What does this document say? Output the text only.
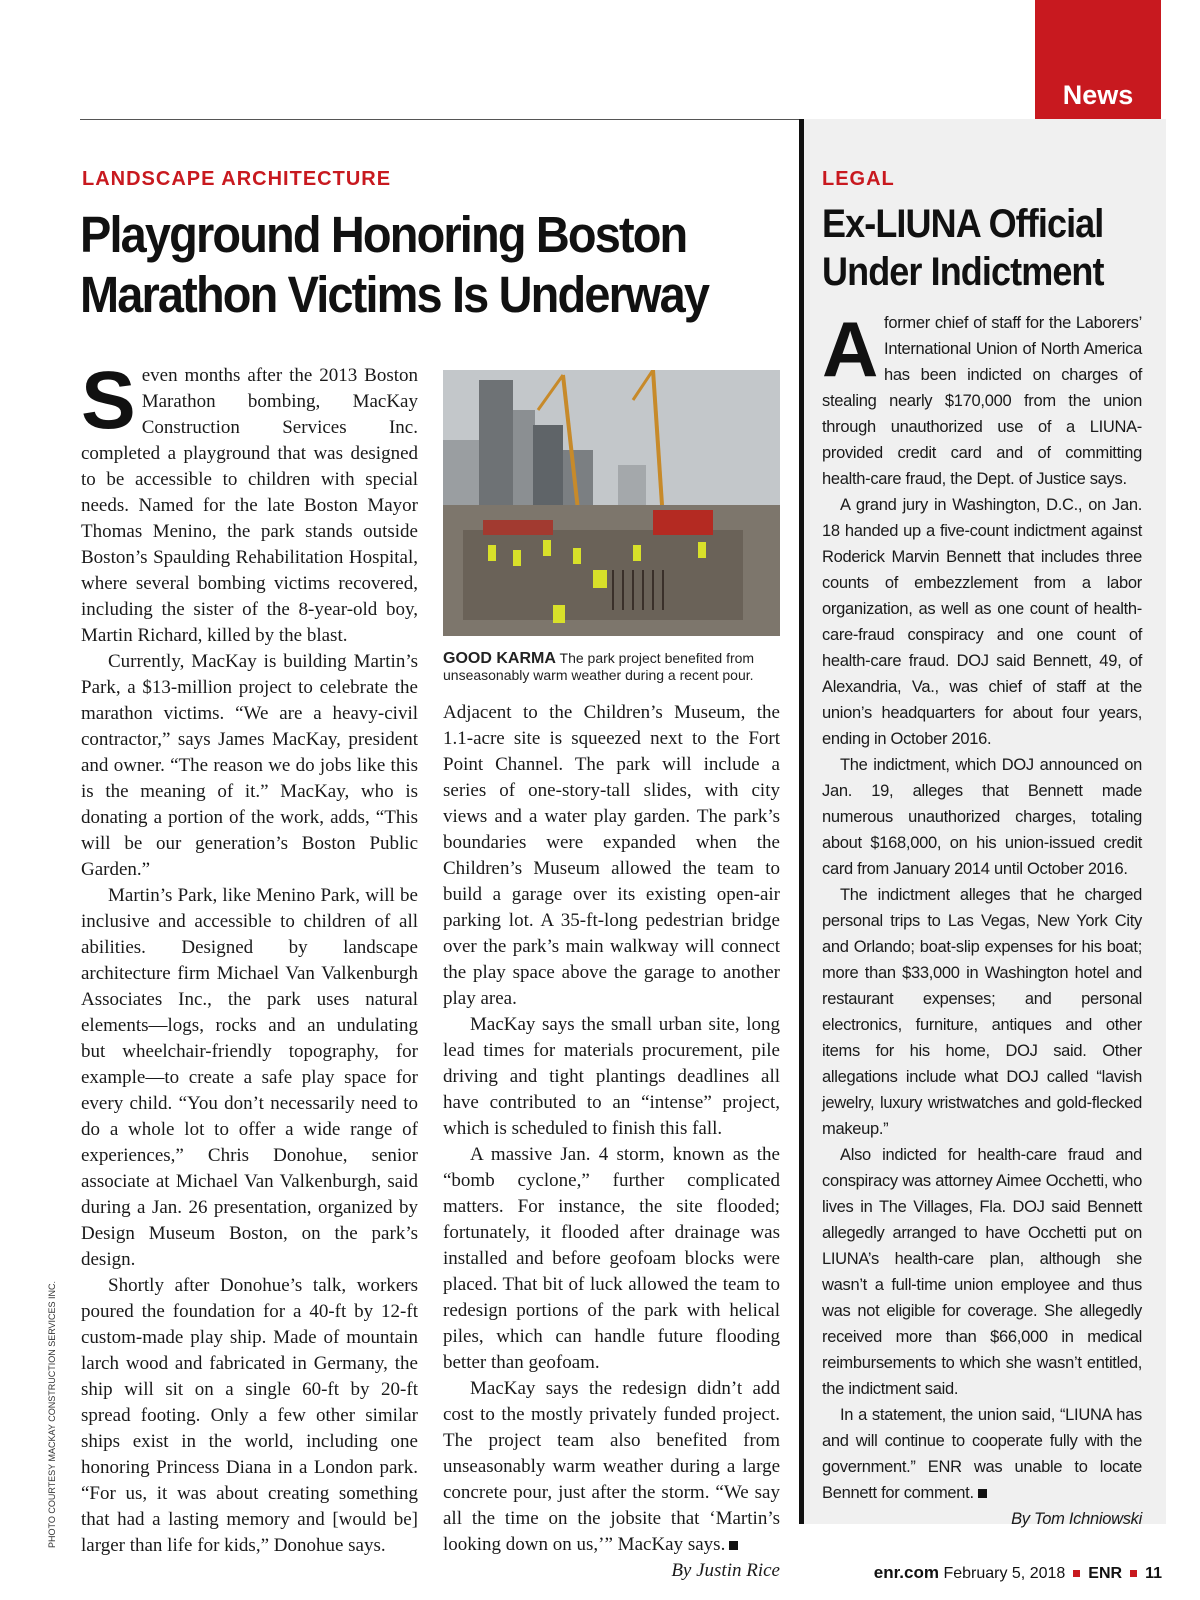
News
PHOTO COURTESY MACKAY CONSTRUCTION SERVICES INC.
LANDSCAPE ARCHITECTURE
Playground Honoring Boston Marathon Victims Is Underway

Seven months after the 2013 Boston Marathon bombing, MacKay Construction Services Inc. completed a playground that was designed to be accessible to children with special needs. Named for the late Boston Mayor Thomas Menino, the park stands outside Boston’s Spaulding Rehabilitation Hospital, where several bombing victims recovered, including the sister of the 8-year-old boy, Martin Richard, killed by the blast.

Currently, MacKay is building Martin’s Park, a $13-million project to celebrate the marathon victims. “We are a heavy-civil contractor,” says James MacKay, president and owner. “The reason we do jobs like this is the meaning of it.” MacKay, who is donating a portion of the work, adds, “This will be our generation’s Boston Public Garden.”

Martin’s Park, like Menino Park, will be inclusive and accessible to children of all abilities. Designed by landscape architecture firm Michael Van Valkenburgh Associates Inc., the park uses natural elements—logs, rocks and an undulating but wheelchair-friendly topography, for example—to create a safe play space for every child. “You don’t necessarily need to do a whole lot to offer a wide range of experiences,” Chris Donohue, senior associate at Michael Van Valkenburgh, said during a Jan. 26 presentation, organized by Design Museum Boston, on the park’s design.

Shortly after Donohue’s talk, workers poured the foundation for a 40-ft by 12-ft custom-made play ship. Made of mountain larch wood and fabricated in Germany, the ship will sit on a single 60-ft by 20-ft spread footing. Only a few other similar ships exist in the world, including one honoring Princess Diana in a London park. “For us, it was about creating something that had a lasting memory and [would be] larger than life for kids,” Donohue says.

GOOD KARMA The park project benefited from unseasonably warm weather during a recent pour.

Adjacent to the Children’s Museum, the 1.1-acre site is squeezed next to the Fort Point Channel. The park will include a series of one-story-tall slides, with city views and a water play garden. The park’s boundaries were expanded when the Children’s Museum allowed the team to build a garage over its existing open-air parking lot. A 35-ft-long pedestrian bridge over the park’s main walkway will connect the play space above the garage to another play area.

MacKay says the small urban site, long lead times for materials procurement, pile driving and tight plantings deadlines all have contributed to an “intense” project, which is scheduled to finish this fall.

A massive Jan. 4 storm, known as the “bomb cyclone,” further complicated matters. For instance, the site flooded; fortunately, it flooded after drainage was installed and before geofoam blocks were placed. That bit of luck allowed the team to redesign portions of the park with helical piles, which can handle future flooding better than geofoam.

MacKay says the redesign didn’t add cost to the mostly privately funded project. The project team also benefited from unseasonably warm weather during a large concrete pour, just after the storm. “We say all the time on the jobsite that ‘Martin’s looking down on us,’” MacKay says.

By Justin Rice
LEGAL
Ex-LIUNA Official Under Indictment

Aformer chief of staff for the Laborers’ International Union of North America has been indicted on charges of stealing nearly $170,000 from the union through unauthorized use of a LIUNA-provided credit card and of committing health-care fraud, the Dept. of Justice says.

A grand jury in Washington, D.C., on Jan. 18 handed up a five-count indictment against Roderick Marvin Bennett that includes three counts of embezzlement from a labor organization, as well as one count of health-care-fraud conspiracy and one count of health-care fraud. DOJ said Bennett, 49, of Alexandria, Va., was chief of staff at the union’s headquarters for about four years, ending in October 2016.

The indictment, which DOJ announced on Jan. 19, alleges that Bennett made numerous unauthorized charges, totaling about $168,000, on his union-issued credit card from January 2014 until October 2016.

The indictment alleges that he charged personal trips to Las Vegas, New York City and Orlando; boat-slip expenses for his boat; more than $33,000 in Washington hotel and restaurant expenses; and personal electronics, furniture, antiques and other items for his home, DOJ said. Other allegations include what DOJ called “lavish jewelry, luxury wristwatches and gold-flecked makeup.”

Also indicted for health-care fraud and conspiracy was attorney Aimee Occhetti, who lives in The Villages, Fla. DOJ said Bennett allegedly arranged to have Occhetti put on LIUNA’s health-care plan, although she wasn’t a full-time union employee and thus was not eligible for coverage. She allegedly received more than $66,000 in medical reimbursements to which she wasn’t entitled, the indictment said.

In a statement, the union said, “LIUNA has and will continue to cooperate fully with the government.” ENR was unable to locate Bennett for comment.

By Tom Ichniowski
enr.com February 5, 2018 ENR 11
